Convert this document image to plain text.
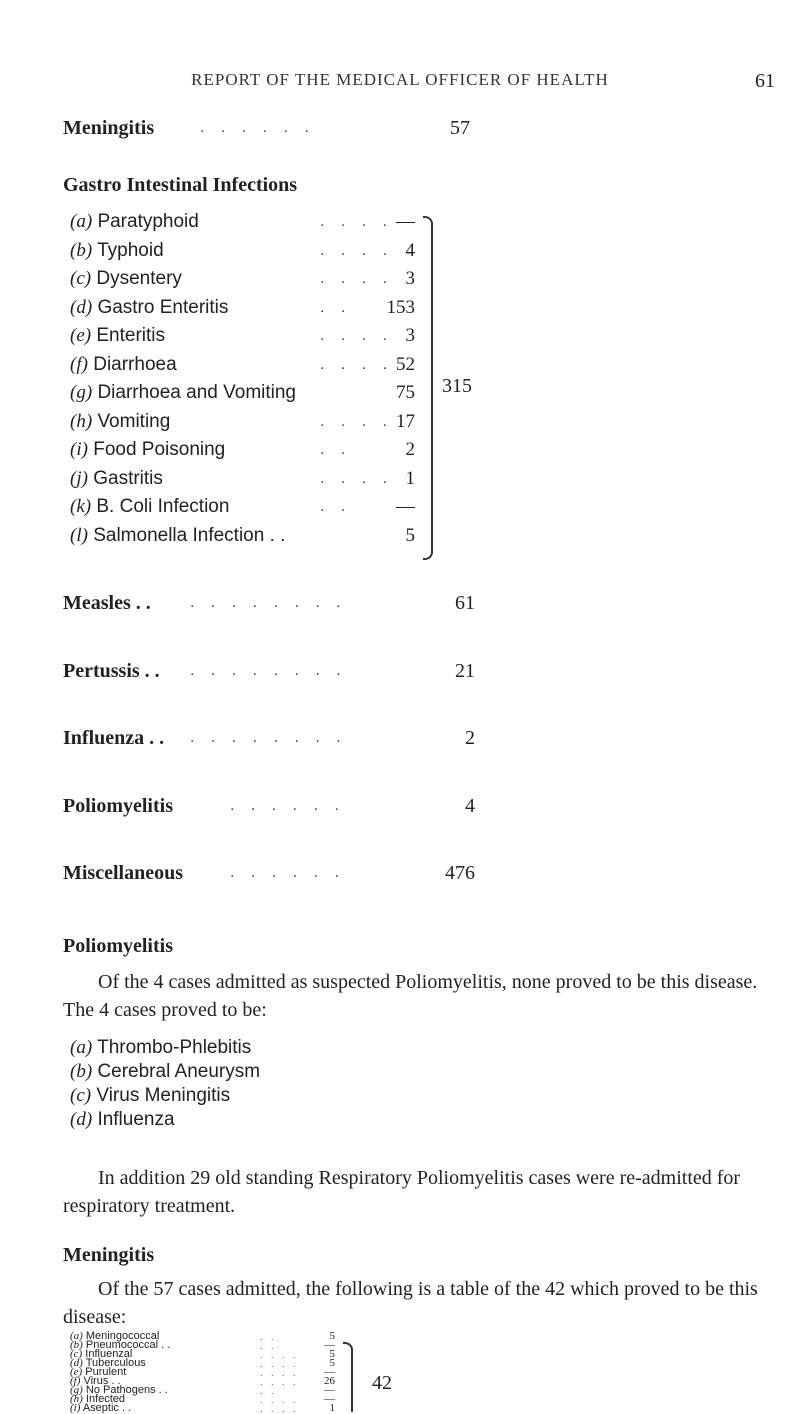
REPORT OF THE MEDICAL OFFICER OF HEALTH	61
Meningitis	. . . . . .	57
Gastro Intestinal Infections
(a) Paratyphoid	. . . . —
(b) Typhoid	. . . . 4
(c) Dysentery	. . . . 3
(d) Gastro Enteritis	. .	153
(e) Enteritis	. . . . 3
(f) Diarrhoea	. . . . 52
(g) Diarrhoea and Vomiting	75
(h) Vomiting	. . . . 17
(i) Food Poisoning	. .	2
(j) Gastritis	. . . . 1
(k) B. Coli Infection	. .	—
(l) Salmonella Infection . .	5
315
Measles . . . . . . . . . .	61
Pertussis . . . . . . . . . .	21
Influenza . . . . . . . . . .	2
Poliomyelitis	. . . . . .	4
Miscellaneous	. . . . . .	476
Poliomyelitis
Of the 4 cases admitted as suspected Poliomyelitis, none proved to be this disease. The 4 cases proved to be:
(a) Thrombo-Phlebitis
(b) Cerebral Aneurysm
(c) Virus Meningitis
(d) Influenza
In addition 29 old standing Respiratory Poliomyelitis cases were re-admitted for respiratory treatment.
Meningitis
Of the 57 cases admitted, the following is a table of the 42 which proved to be this disease:
(a) Meningococcal	. .	5
(b) Pneumococcal . .	. .	—
(c) Influenzal	. . . .	5
(d) Tuberculous	. . . .	5
(e) Purulent	. . . .	—
(f) Virus . .	. . . .	26
(g) No Pathogens . .	. .	—
(h) Infected	. . . .	—
(i) Aseptic . .	. . . .	1
42
